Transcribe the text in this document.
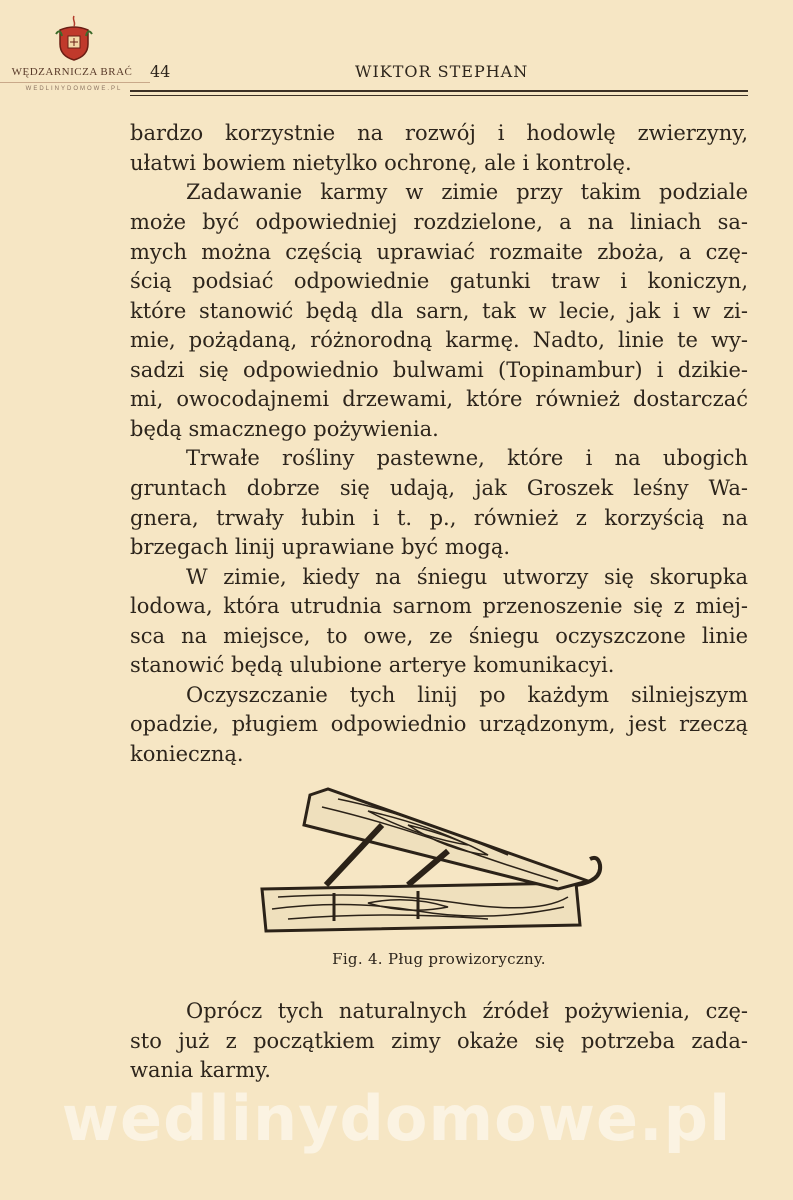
WĘDZARNICZA BRAĆ
WEDLINYDOMOWE.PL
44	WIKTOR STEPHAN
bardzo korzystnie na rozwój i hodowlę zwierzyny,
ułatwi bowiem nietylko ochronę, ale i kontrolę.
Zadawanie karmy w zimie przy takim podziale
może być odpowiedniej rozdzielone, a na liniach sa-
mych można częścią uprawiać rozmaite zboża, a czę-
ścią podsiać odpowiednie gatunki traw i koniczyn,
które stanowić będą dla sarn, tak w lecie, jak i w zi-
mie, pożądaną, różnorodną karmę. Nadto, linie te wy-
sadzi się odpowiednio bulwami (Topinambur) i dzikie-
mi, owocodajnemi drzewami, które również dostarczać
będą smacznego pożywienia.
Trwałe rośliny pastewne, które i na ubogich
gruntach dobrze się udają, jak Groszek leśny Wa-
gnera, trwały łubin i t. p., również z korzyścią na
brzegach linij uprawiane być mogą.
W zimie, kiedy na śniegu utworzy się skorupka
lodowa, która utrudnia sarnom przenoszenie się z miej-
sca na miejsce, to owe, ze śniegu oczyszczone linie
stanowić będą ulubione arterye komunikacyi.
Oczyszczanie tych linij po każdym silniejszym
opadzie, pługiem odpowiednio urządzonym, jest rzeczą
konieczną.
Fig. 4. Pług prowizoryczny.
Oprócz tych naturalnych źródeł pożywienia, czę-
sto już z początkiem zimy okaże się potrzeba zada-
wania karmy.
wedlinydomowe.pl
